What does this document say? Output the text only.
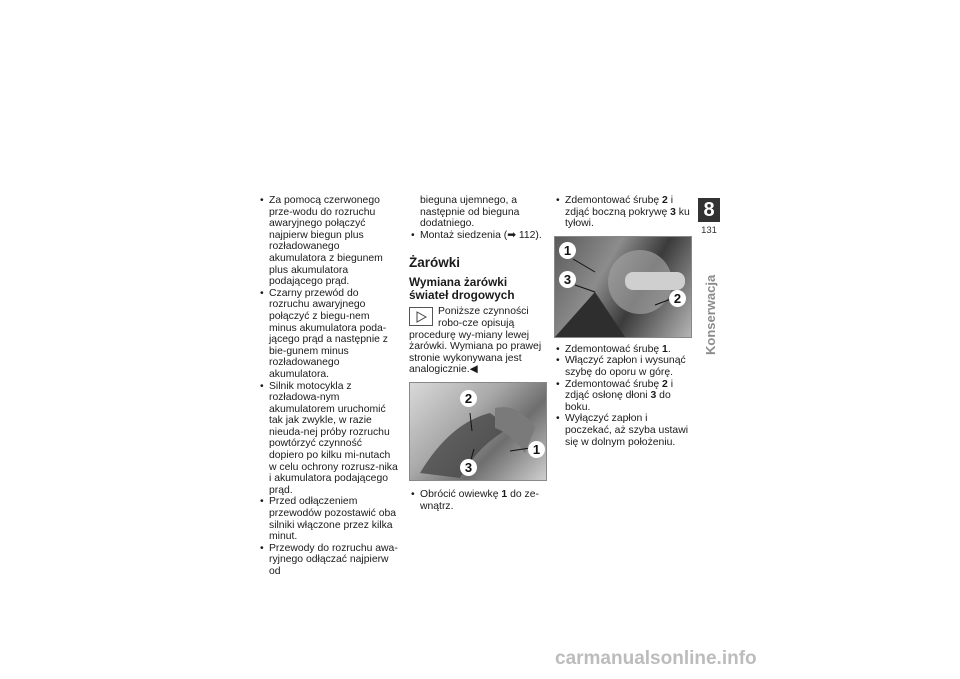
• Za pomocą czerwonego prze-wodu do rozruchu awaryjnego połączyć najpierw biegun plus rozładowanego akumulatora z biegunem plus akumulatora podającego prąd.
• Czarny przewód do rozruchu awaryjnego połączyć z biegu-nem minus akumulatora poda-jącego prąd a następnie z bie-gunem minus rozładowanego akumulatora.
• Silnik motocykla z rozładowa-nym akumulatorem uruchomić tak jak zwykle, w razie nieuda-nej próby rozruchu powtórzyć czynność dopiero po kilku mi-nutach w celu ochrony rozrusz-nika i akumulatora podającego prąd.
• Przed odłączeniem przewodów pozostawić oba silniki włączone przez kilka minut.
• Przewody do rozruchu awa-ryjnego odłączać najpierw od
bieguna ujemnego, a następnie od bieguna dodatniego.
• Montaż siedzenia (➡ 112).
Żarówki
Wymiana żarówki świateł drogowych
Poniższe czynności robo-cze opisują procedurę wy-miany lewej żarówki. Wymiana po prawej stronie wykonywana jest analogicznie.◀
2
1
3
• Obrócić owiewkę 1 do ze-wnątrz.
• Zdemontować śrubę 2 i zdjąć boczną pokrywę 3 ku tyłowi.
1
3
2
• Zdemontować śrubę 1.
• Włączyć zapłon i wysunąć szybę do oporu w górę.
• Zdemontować śrubę 2 i zdjąć osłonę dłoni 3 do boku.
• Wyłączyć zapłon i poczekać, aż szyba ustawi się w dolnym położeniu.
8
131
Konserwacja
carmanualsonline.info
